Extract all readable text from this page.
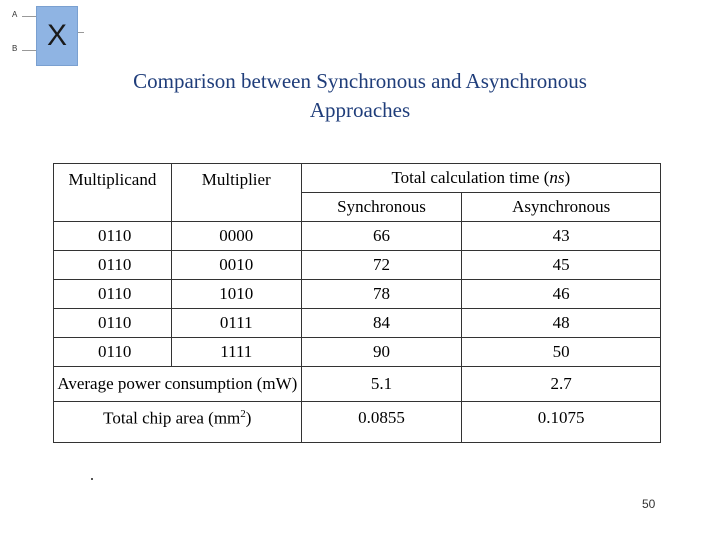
A
B X
Comparison between Synchronous and Asynchronous
Approaches
Multiplicand	Multiplier	Total calculation time (ns)	
		Synchronous	Asynchronous
0110	0000	66	43
0110	0010	72	45
0110	1010	78	46
0110	0111	84	48
0110	1111	90	50
Average power consumption (mW)		5.1	2.7
Total chip area $(mm^2)$		0.0855	0.1075
50
